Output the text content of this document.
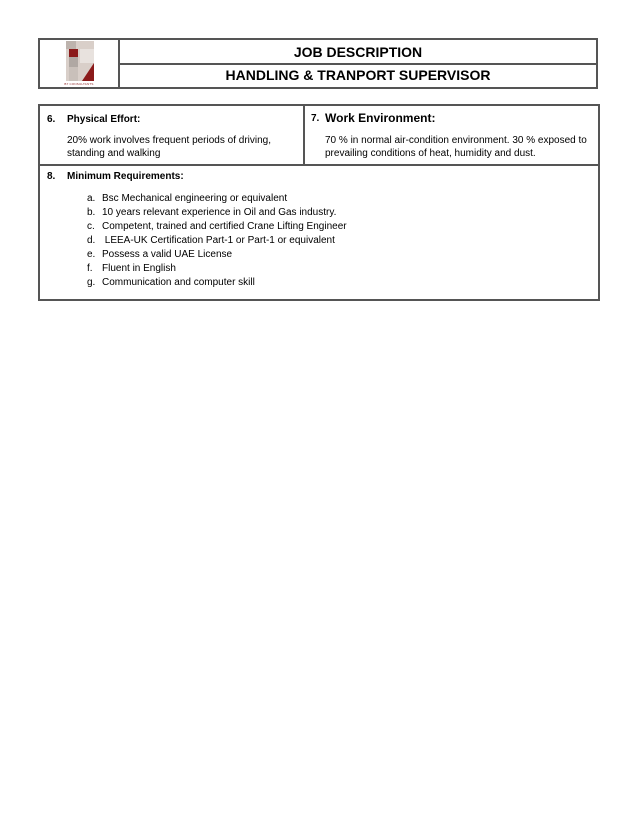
B7 CONSULTANTS
JOB DESCRIPTION
HANDLING & TRANPORT SUPERVISOR
6. Physical Effort:
20% work involves frequent periods of driving,
standing and walking
7. Work Environment:
70 % in normal air-condition environment. 30 % exposed to
prevailing conditions of heat, humidity and dust.
8. Minimum Requirements:
a. Bsc Mechanical engineering or equivalent
b. 10 years relevant experience in Oil and Gas industry.
c. Competent, trained and certified Crane Lifting Engineer
d. LEEA-UK Certification Part-1 or Part-1 or equivalent
e. Possess a valid UAE License
f. Fluent in English
g. Communication and computer skill
